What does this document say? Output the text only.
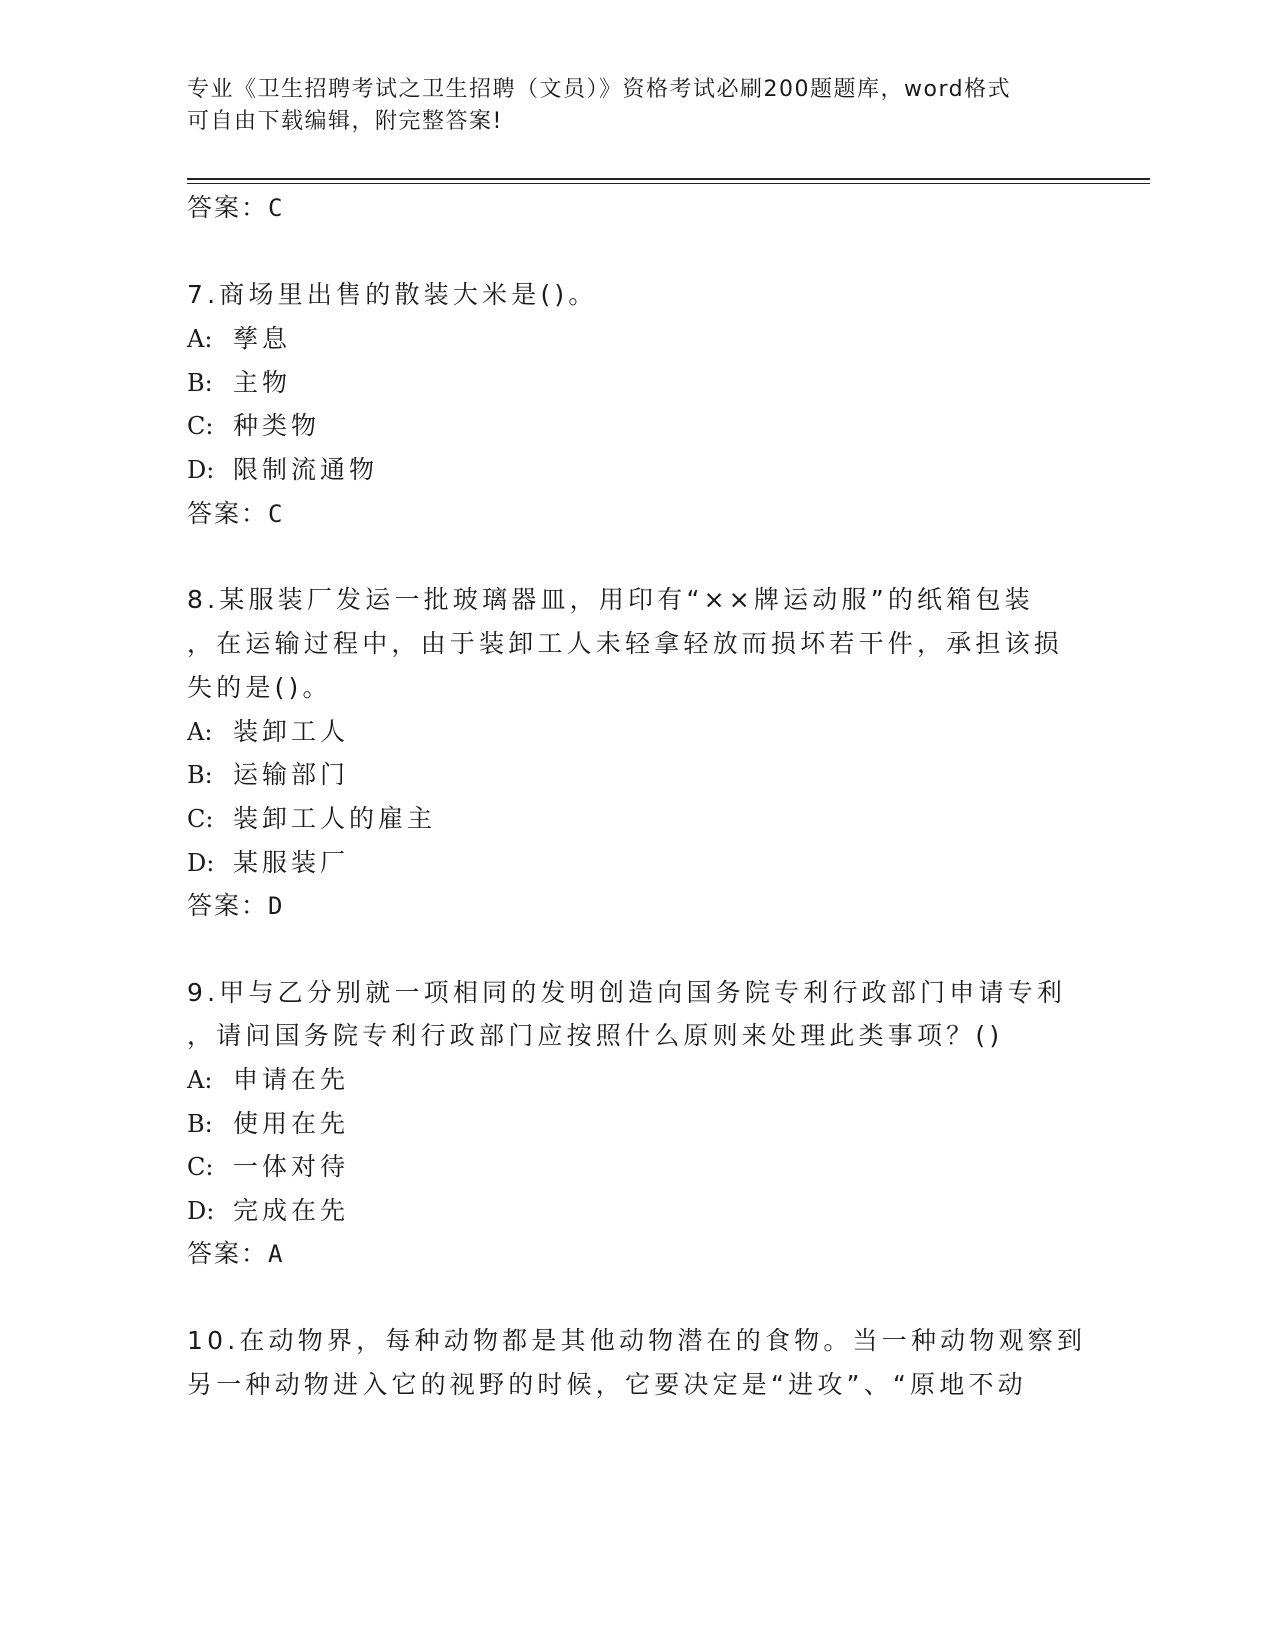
专业《卫生招聘考试之卫生招聘（文员）》资格考试必刷200题题库，word格式
可自由下载编辑，附完整答案!
答案：C
7.商场里出售的散装大米是()。
A: 孳息
B: 主物
C: 种类物
D: 限制流通物
答案：C
8.某服装厂发运一批玻璃器皿，用印有“××牌运动服”的纸箱包装
，在运输过程中，由于装卸工人未轻拿轻放而损坏若干件，承担该损
失的是()。
A: 装卸工人
B: 运输部门
C: 装卸工人的雇主
D: 某服装厂
答案：D
9.甲与乙分别就一项相同的发明创造向国务院专利行政部门申请专利
，请问国务院专利行政部门应按照什么原则来处理此类事项？()
A: 申请在先
B: 使用在先
C: 一体对待
D: 完成在先
答案：A
10.在动物界，每种动物都是其他动物潜在的食物。当一种动物观察到
另一种动物进入它的视野的时候，它要决定是“进攻”、“原地不动
